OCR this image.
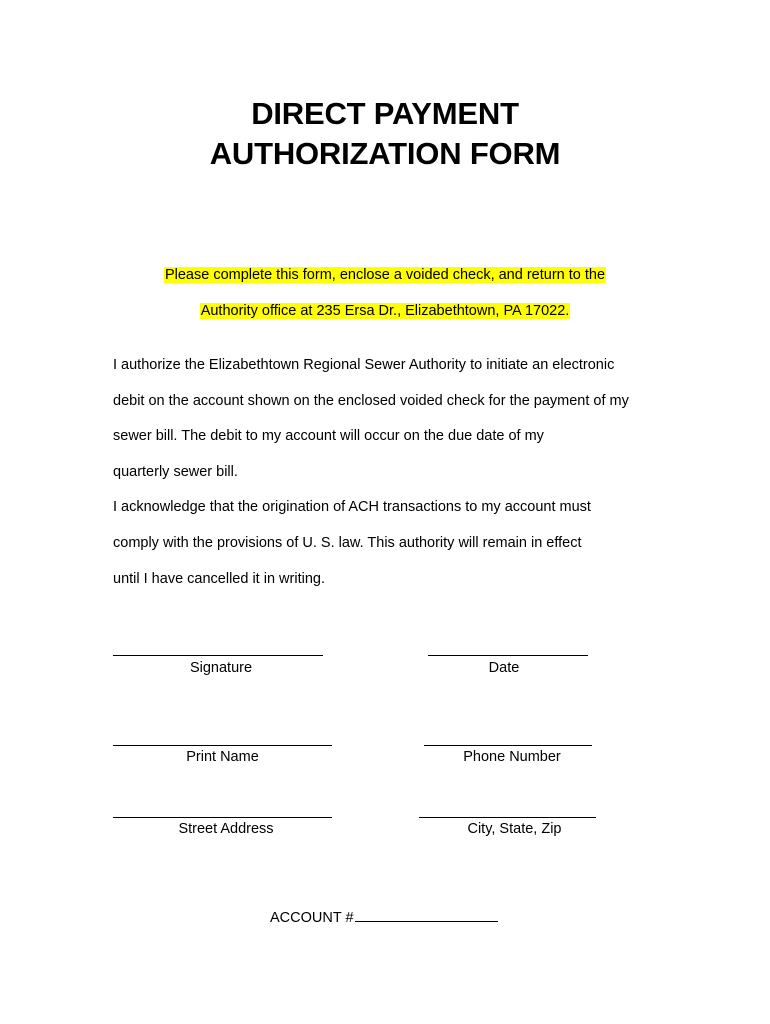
DIRECT PAYMENT
AUTHORIZATION FORM
Please complete this form, enclose a voided check, and return to the
Authority office at 235 Ersa Dr., Elizabethtown, PA 17022.
I authorize the Elizabethtown Regional Sewer Authority to initiate an electronic
debit on the account shown on the enclosed voided check for the payment of my
sewer bill. The debit to my account will occur on the due date of my
quarterly sewer bill.
I acknowledge that the origination of ACH transactions to my account must
comply with the provisions of U. S. law. This authority will remain in effect
until I have cancelled it in writing.
Signature	Date
Print Name	Phone Number
Street Address	City, State, Zip
ACCOUNT #
